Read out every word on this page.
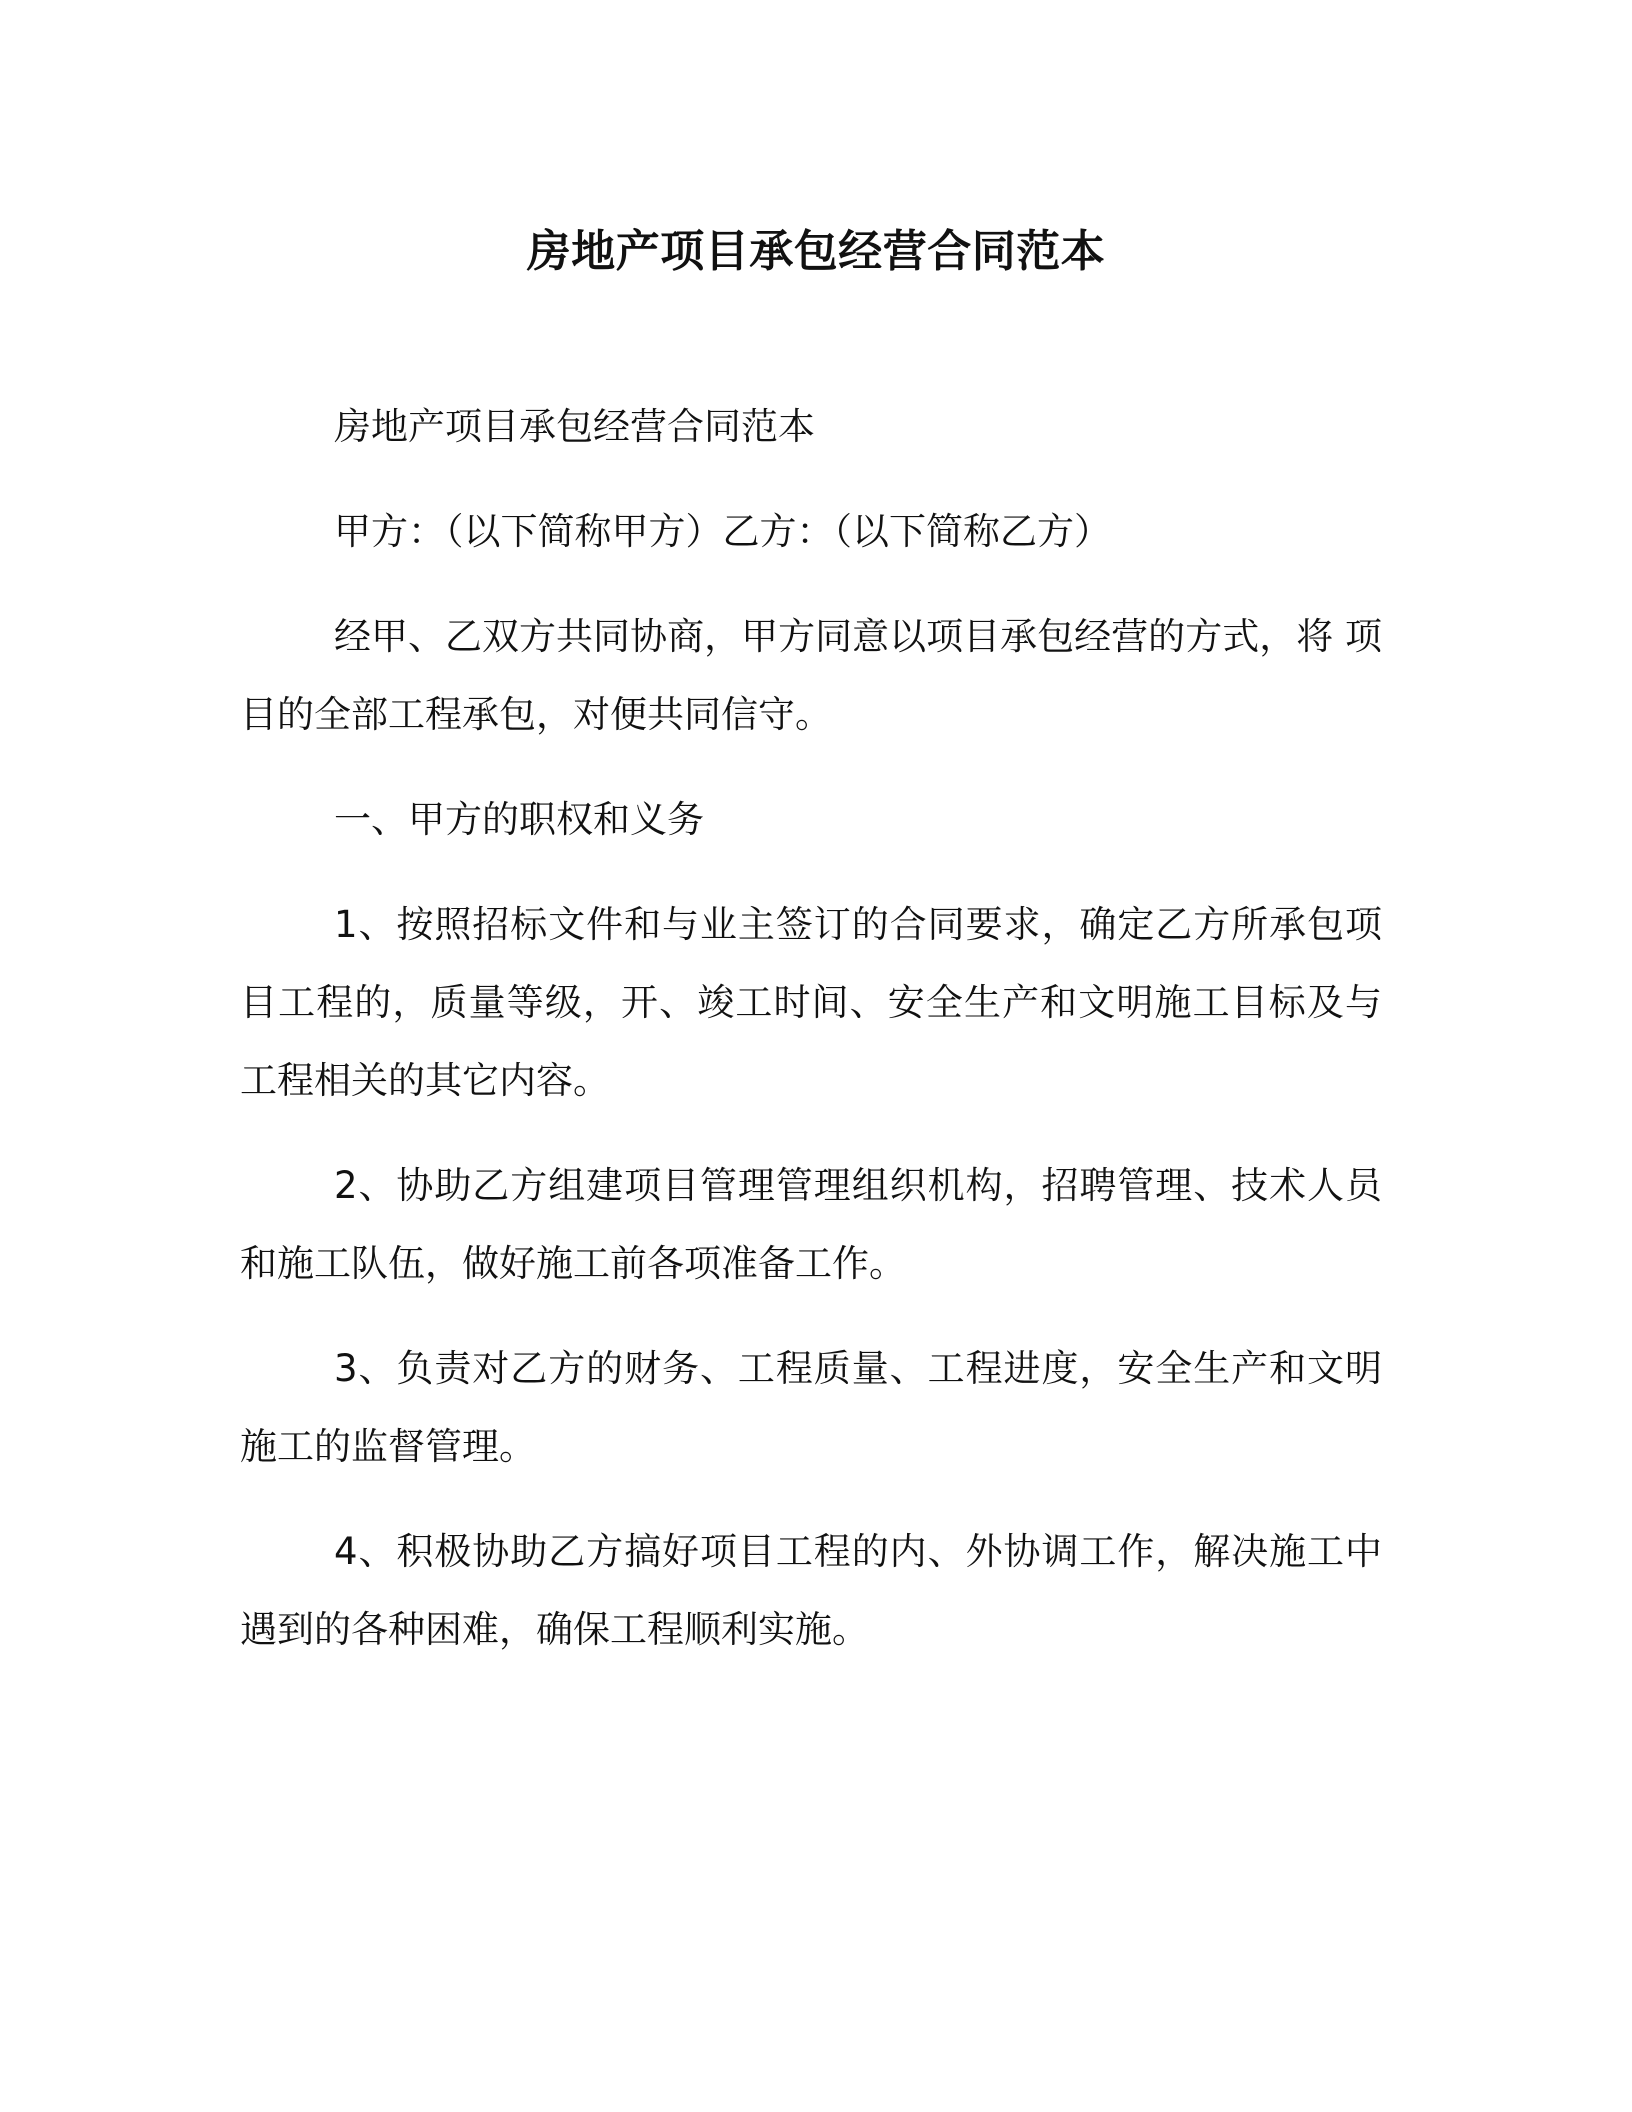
房地产项目承包经营合同范本

房地产项目承包经营合同范本

甲方：（以下简称甲方）乙方：（以下简称乙方）

经甲、乙双方共同协商，甲方同意以项目承包经营的方式，将 项目的全部工程承包，对便共同信守。

一、甲方的职权和义务

1、按照招标文件和与业主签订的合同要求，确定乙方所承包项目工程的，质量等级，开、竣工时间、安全生产和文明施工目标及与工程相关的其它内容。

2、协助乙方组建项目管理管理组织机构，招聘管理、技术人员和施工队伍，做好施工前各项准备工作。

3、负责对乙方的财务、工程质量、工程进度，安全生产和文明施工的监督管理。

4、积极协助乙方搞好项目工程的内、外协调工作，解决施工中遇到的各种困难，确保工程顺利实施。
